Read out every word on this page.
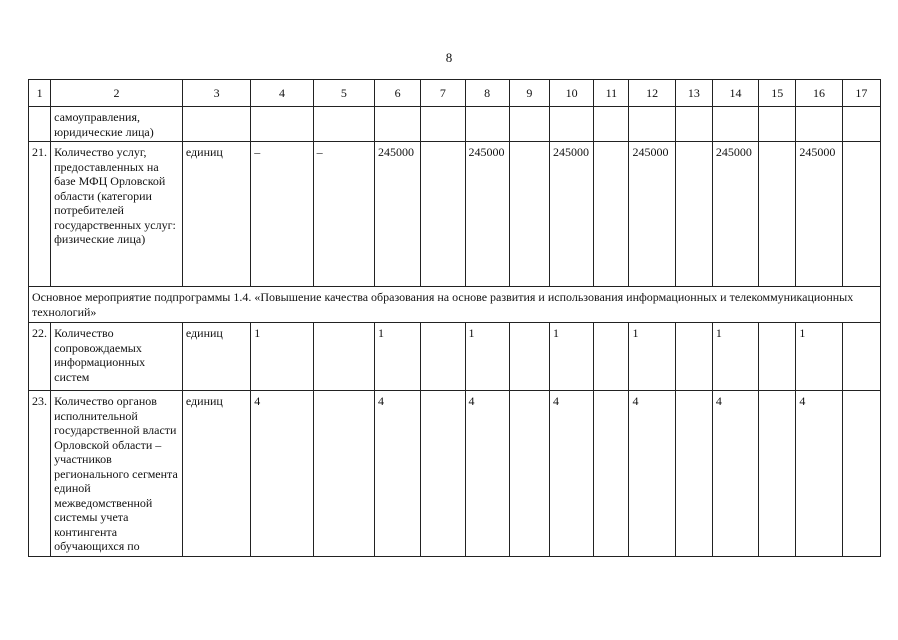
8
1	2	3	4	5	6	7	8	9	10	11	12	13	14	15	16	17
	самоуправления, юридические лица)															
21.	Количество услуг, предоставленных на базе МФЦ Орловской области (категории потребителей государственных услуг: физические лица)	единиц	–	–	245000		245000		245000		245000		245000		245000	
Основное мероприятие подпрограммы 1.4. «Повышение качества образования на основе развития и использования информационных и телекоммуникационных технологий»																
22.	Количество сопровождаемых информационных систем	единиц	1		1		1		1		1		1		1	
23.	Количество органов исполнительной государственной власти Орловской области – участников регионального сегмента единой межведомственной системы учета контингента обучающихся по	единиц	4		4		4		4		4		4		4	
